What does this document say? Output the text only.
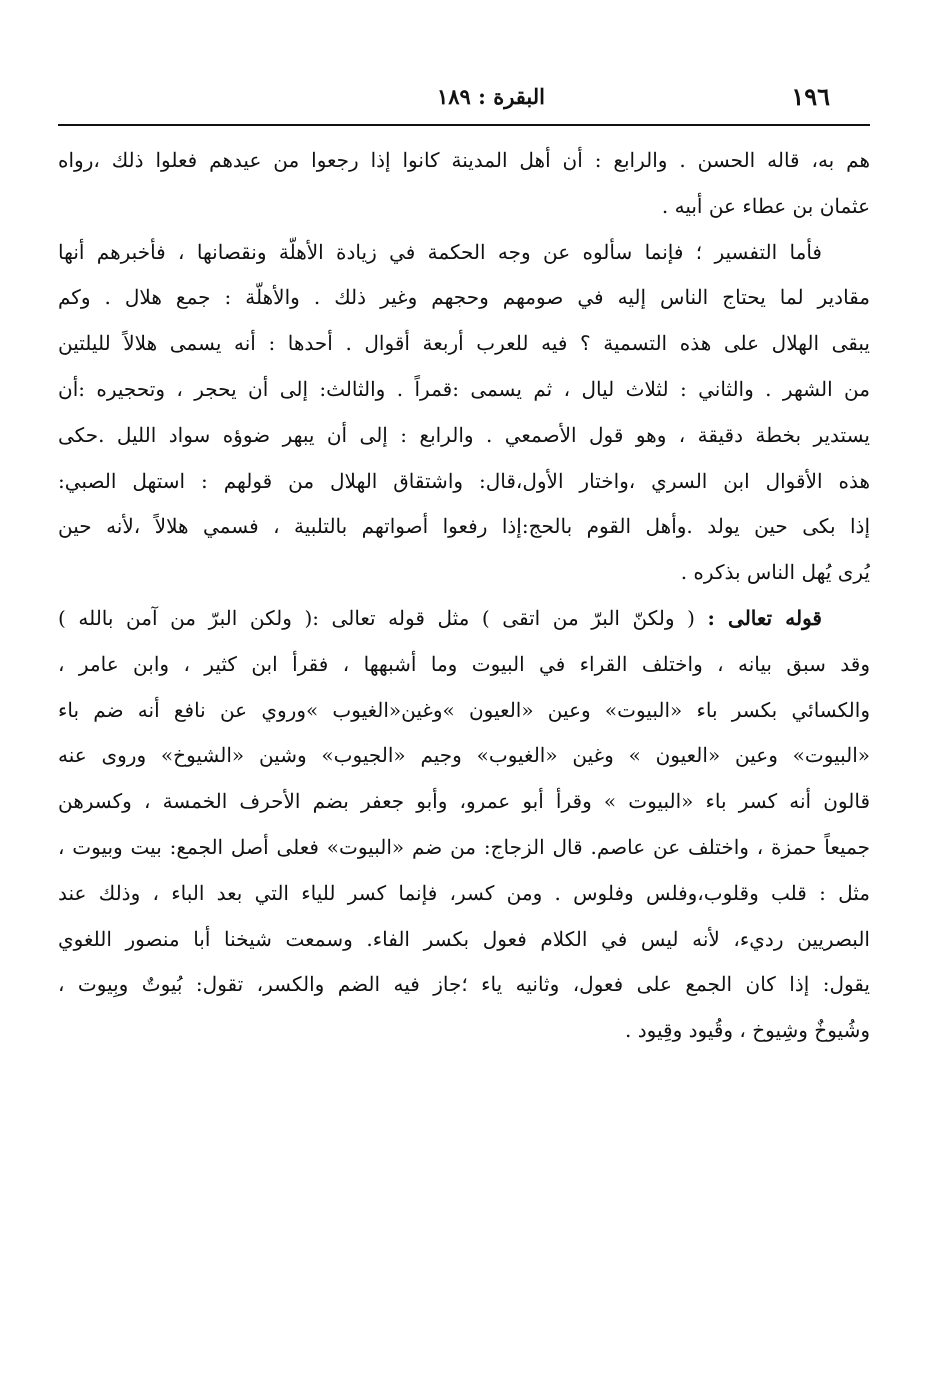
١٩٦
البقرة : ١٨٩
هم به، قاله الحسن . والرابع : أن أهل المدينة كانوا إذا رجعوا من عيدهم فعلوا ذلك ،رواه
عثمان بن عطاء عن أبيه .
فأما التفسير ؛ فإنما سألوه عن وجه الحكمة في زيادة الأهلّة ونقصانها ، فأخبرهم أنها
مقادير لما يحتاج الناس إليه في صومهم وحجهم وغير ذلك . والأهلّة : جمع هلال . وكم
يبقى الهلال على هذه التسمية ؟ فيه للعرب أربعة أقوال . أحدها : أنه يسمى هلالاً لليلتين
من الشهر . والثاني : لثلاث ليال ، ثم يسمى :قمراً . والثالث: إلى أن يحجر ، وتحجيره :أن
يستدير بخطة دقيقة ، وهو قول الأصمعي . والرابع : إلى أن يبهر ضوؤه سواد الليل .حكى
هذه الأقوال ابن السري ،واختار الأول،قال: واشتقاق الهلال من قولهم : استهل الصبي:
إذا بكى حين يولد .وأهل القوم بالحج:إذا رفعوا أصواتهم بالتلبية ، فسمي هلالاً ،لأنه حين
يُرى يُهل الناس بذكره .
قوله تعالى : ( ولكنّ البرّ من اتقى ) مثل قوله تعالى :( ولكن البرّ من آمن بالله )
وقد سبق بيانه ، واختلف القراء في البيوت وما أشبهها ، فقرأ ابن كثير ، وابن عامر ،
والكسائي بكسر باء «البيوت» وعين «العيون »وغين«الغيوب »وروي عن نافع أنه ضم باء
«البيوت» وعين «العيون » وغين «الغيوب» وجيم «الجيوب» وشين «الشيوخ» وروى عنه
قالون أنه كسر باء «البيوت » وقرأ أبو عمرو، وأبو جعفر بضم الأحرف الخمسة ، وكسرهن
جميعاً حمزة ، واختلف عن عاصم. قال الزجاج: من ضم «البيوت» فعلى أصل الجمع: بيت وبيوت ،
مثل : قلب وقلوب،وفلس وفلوس . ومن كسر، فإنما كسر للياء التي بعد الباء ، وذلك عند
البصريين رديء، لأنه ليس في الكلام فعول بكسر الفاء. وسمعت شيخنا أبا منصور اللغوي
يقول: إذا كان الجمع على فعول، وثانيه ياء ؛جاز فيه الضم والكسر، تقول: بُيوتٌ وبِيوت ،
وشُيوخٌ وشِيوخ ، وقُيود وقِيود .
